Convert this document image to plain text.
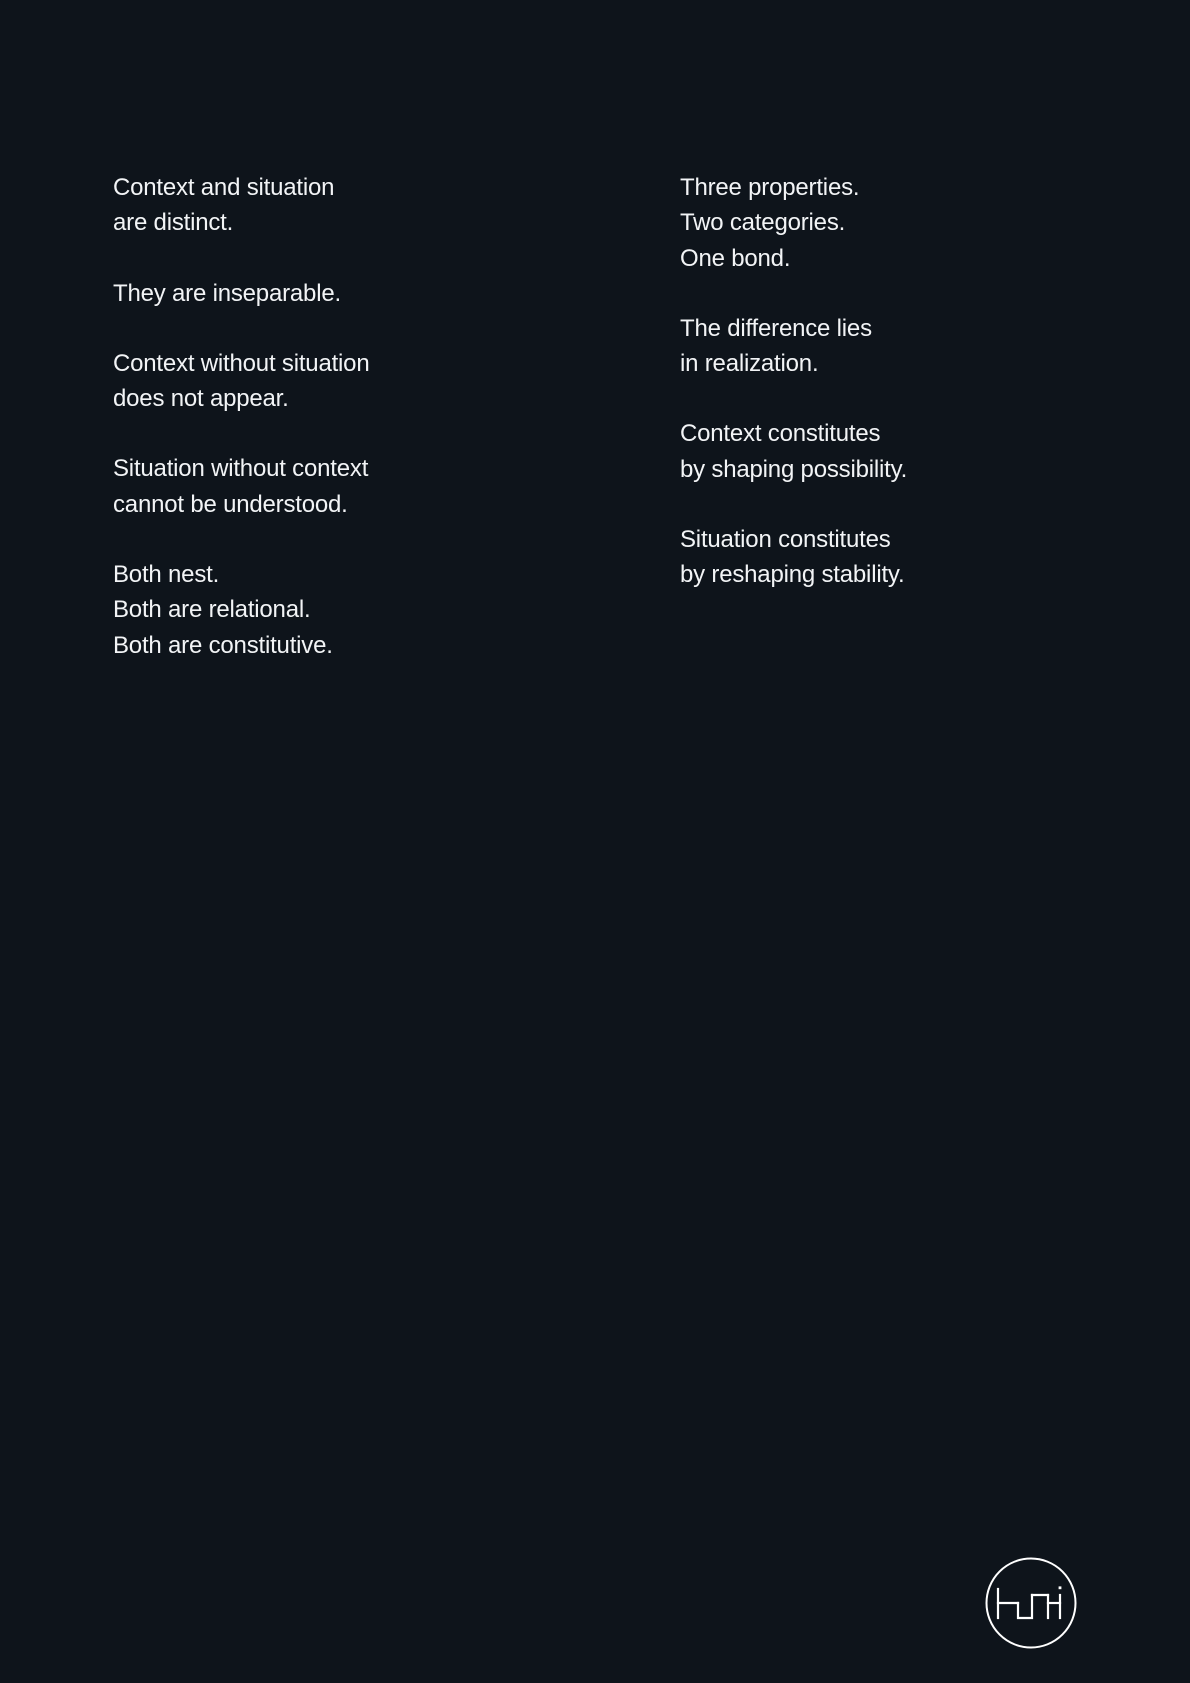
Context and situation
are distinct.

They are inseparable.

Context without situation
does not appear.

Situation without context
cannot be understood.

Both nest.
Both are relational.
Both are constitutive.

Three properties.
Two categories.
One bond.

The difference lies
in realization.

Context constitutes
by shaping possibility.

Situation constitutes
by reshaping stability.
